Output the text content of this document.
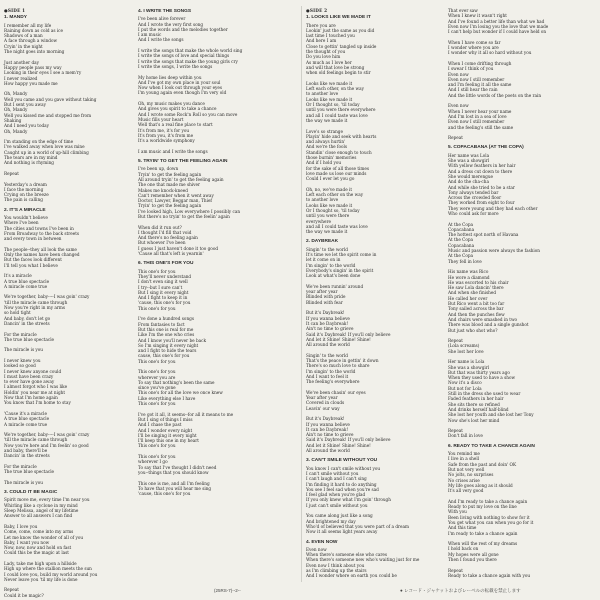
● SIDE 1
1. MANDY
I remember all my life
Raining down as cold as ice
Shadows of a man
A face through a window
Cryin' in the night
The night goes into morning

Just another day
Happy people pass my way
Looking in their eyes I see a mem'ry
I never realized
How happy you made me

Oh, Mandy
Well you came and you gave without taking
But I sent you away
Oh, Mandy
Well you kissed me and stopped me from
Shaking
And I need you today
Oh, Mandy

I'm standing on the edge of time
I've walked away when love was mine
Caught up in a world of up-hill climbing
The tears are in my mind
And nothing is rhyming

Repeat

Yesterday's a dream
I face the morning
Crying on the breeze
The pain is calling
2. IT'S A MIRACLE
You wouldn't believe
Where I've been
The cities and towns I've been in
From Broadway to the back streets
and every town in between

The people--they all look the same
Only the names have been changed
But the faces look different
I'll tell you what I believe

It's a miracle
A true blue spectacle
A miracle come true

We're together, baby----I was goin' crazy
'till the miracle came through
Now you're right in my arms
so hold tight
And baby, don't let go
Dancin' in the streets

For the miracle
The true blue spectacle

The miracle is you

I never knew you
looked so good
I never knew anyone could
I must have been crazy
to ever have gone away
I almost forgot who I was like
Holdin' you near me at night
Now that I'm home again
You know that I'm home to stay

'Cause it's a miracle
A true blue spectacle
A miracle come true

We're together, baby----I was goin' crazy
'till the miracle came through
Now you're here and I'm feelin' so good
and baby, there'll be
Dancin' in the streets

For the miracle
The true blue spectacle

The miracle is you
3. COULD IT BE MAGIC
Spirit move me, every time I'm near you
Whirling like a cyclone in my mind
Sleep Melissa, angel of my lifetime
Answer to all answers I can find

Baby, I love you
Come, come, come into my arms
Let me know the wonder of all of you
Baby, I want you now
Now, now, now and hold on fast
Could this be the magic at last

Lady, take me high upon a hillside
High up where the stallion meets the sun
I could love you, build my world around you
Never leave you 'til my life is done

Repeat
Could it be magic?
4. I WRITE THE SONGS
I've been alive forever
And I wrote the very first song
I put the words and the melodies together
I am music
And I write the songs

I write the songs that make the whole world sing
I write the songs of love and special things
I write the songs that make the young girls cry
I write the songs, I write the songs

My home lies deep within you
And I've got my own place in your soul
Now when I look out through your eyes
I'm young again even though I'm very old

Oh, my music makes you dance
And gives you spirit to take a chance
And I wrote some Rock'n Roll so you can move
Music fills your heart
Well that's a real fine place to start
It's from me, it's for you
It's from you, it's from me
It's a worldwide symphony

I am music and I write the songs
5. TRYIN' TO GET THE FEELING AGAIN
I've been up, down
Tryin' to get the feeling again
All around tryin' to get the feeling again
The one that made me shiver
Makes me knock-kneed
Can't remember when it went away
Doctor, Lawyer, Beggar man, Thief
Tryin' to get the feeling again
I've looked high, Low everywhere I possibly can
But there's no tryin' to get the feelin' again

When did it run out?
I thought I'd fill that void
And there's no feeling again
But whoever I've been
I guess I just haven't done it too good
'Cause all that's left is yearnin'
6. THIS ONE'S FOR YOU
This one's for you
They'll never understand
I don't even sing it well
I try--but I sure can't
But I sing it every night
And I fight to keep it in
'cause, this one's for you
This one's for you

I've done a hundred songs
From fantasies to fact
But this one is real for me
Like I'm the one who cries
And I know you'll never be back
So I'm singing it every night
and I fight to hide the tears
cause, this one's for you
This one's for you

This one's for you
wherever you are
To say that nothing's been the same
since you've gone
This one's for all the love we once knew
Like everything else I have
This one's for you

I've got it all, it seems--for all it means to me
But I sing of things I miss
And I chase the past
And I wonder every night
I'll be singing it every night
I'll keep this one in my heart
This one's for you

This one's for you
wherever I go
To say that I've thought I didn't need
you--things that you should know

This one is me, and all I'm feeling
To have that you will hear me sing
'cause, this one's for you
● SIDE 2
1. LOOKS LIKE WE MADE IT
There you are
Lookin' just the same as you did
last time I touched you
And here I am
Close to gettin' tangled up inside
the thought of you
Do you love him
As much as I love her
and will that love be strong
when old feelings begin to stir

Looks like we made it
Left each other, on the way
to another love
Looks like we made it
Or I thought so, 'til today
until you were there everywhere
and all I could taste was love
the way we made it

Love's so strange
Playin' hide and seek with hearts
and always hurtin'
And we're the fools
Standin' close enough to touch
those burnin' memories
And if I hold you
for the sake of all those times
love made us lose our minds
Could I ever let you go

Oh, no, we've made it
Left each other on the way
to another love
Looks like we made it
Or I thought so, 'til today
until you were there
everywhere
and all I could taste was love
the way we made it
2. DAYBREAK
Singin' to the world
It's time we let the spirit come in
let it come on in
I'm singin' to the world
Everybody's singin' in the spirit
Look at what's been done

We've been runnin' around
year after year
Blinded with pride
Blinded with fear

But it's Daybreak!
If you wanna believe
It can be Daybreak!
Ain't no time to grieve
Said it's Daybreak! If you'll only believe
And let it Shine! Shine! Shine!
All around the world

Singin' to the world
That's the peace in gettin' it down
There's so much love to share
I'm singin' to the world
And I want to feel it
The feeling's everywhere

We've been chasin' our eyes
Year after year
Covered in clouds
Leavin' our way

But it's Daybreak!
If you wanna believe
It can be Daybreak!
Ain't no time to grieve
Said it's Daybreak! If you'll only believe
And let it Shine! Shine! Shine!
All around the world
3. CAN'T SMILE WITHOUT YOU
You know I can't smile without you
I can't smile without you
I can't laugh and I can't sing
I'm finding it hard to do anything
You see I feel sad when you're sad
I feel glad when you're glad
If you only knew what I'm goin' through
I just can't smile without you

You came along just like a song
And brightened my day
Who'd of believed that you were part of a dream
Now it all seems light years away
4. EVEN NOW
Even now
When there's someone else who cares
When there's someone new who's waiting just for me
Even now I think about you
as I'm climbing up the stairs
And I wonder where on earth you could be
That ever saw
When I knew it wasn't right
And I've found a better life than what we had
Even now I'm losing you the love that we made
I can't help but wonder if I could have held on

When I have come so far
I wonder where you are
I wonder why it all so hard without you

When I come drifting through
I swear I think of you
Even now
Even now I still remember
and I'm feeling it all the same
And I still hear the rain
And the little words of the poets on the rain

Even now
When I never hear your name
And I'm lost in a sea of love
Even now I still remember
and the feeling's still the same

Repeat
5. COPACABANA (AT THE COPA)
Her name was Lola
She was a showgirl
With yellow feathers in her hair
And a dress cut down to there
She would merengue
And do the cha-cha
And while she tried to be a star
Tony always tended bar
Across the crowded floor
They worked from eight to four
They were young and they had each other
Who could ask for more

At the Copa
Copacabana
The hottest spot north of Havana
At the Copa
Copacabana
Music and passion were always the fashion
At the Copa
They fell in love

His name was Rico
He wore a diamond
He was escorted to his chair
He saw Lola dancin' there
And when she finished
He called her over
But Rico went a bit too far
Tony sailed across the bar
And then the punches flew
And chairs were smashed in two
There was blood and a single gunshot
But just who shot who?

Repeat
(Lola screams)
She lost her love

Her name is Lola
She was a showgirl
But that was thirty years ago
When they used to have a show
Now it's a disco
But not for Lola
Still in the dress she used to wear
Faded feathers in her hair
She sits there so refined
And drinks herself half-blind
She lost her youth and she lost her Tony
Now she's lost her mind

Repeat
Don't fall in love
6. READY TO TAKE A CHANCE AGAIN
You remind me
I live in a shell
Safe from the past and doin' OK
But not very well
No jolts, no surprises
No crises arise
My life goes along as it should
It's all very good

And I'm ready to take a chance again
Ready to put my love on the line
With you
Been living with nothing to show for it
You get what you can when you go for it
And this time
I'm ready to take a chance again

When will the rest of my dreams
I hold back on
My hopes were all gone
Then I found you there

Repeat
Ready to take a chance again with you
(25RS-7)--2--	● レコード・ジャケットおよびレーベルの転載を禁止します
